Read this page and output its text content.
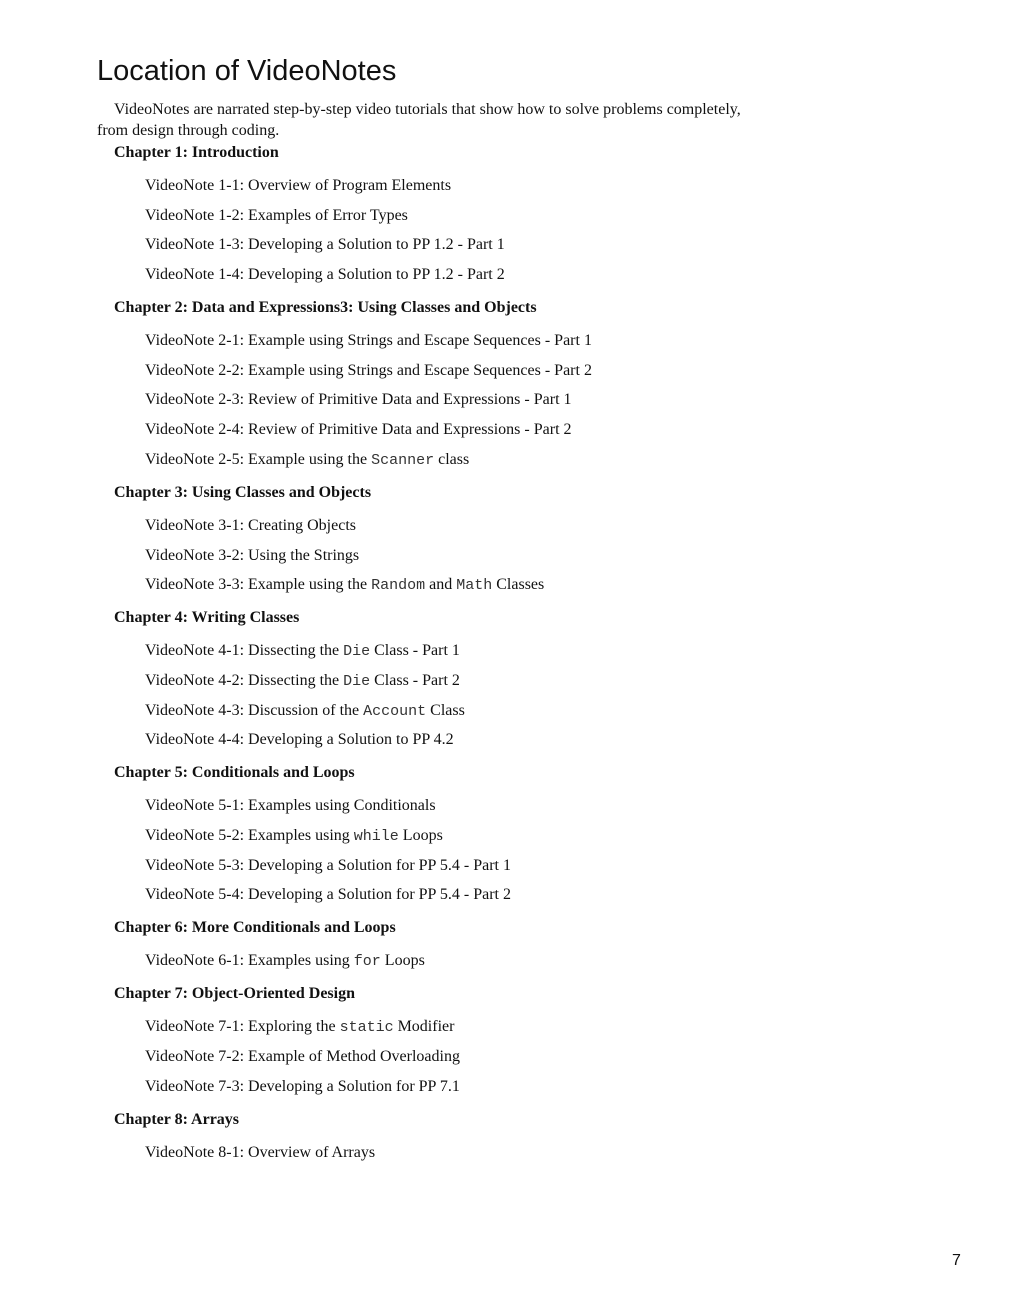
Location of VideoNotes

VideoNotes are narrated step-by-step video tutorials that show how to solve problems completely, from design through coding.

Chapter 1: Introduction
VideoNote 1-1: Overview of Program Elements
VideoNote 1-2: Examples of Error Types
VideoNote 1-3: Developing a Solution to PP 1.2 - Part 1
VideoNote 1-4: Developing a Solution to PP 1.2 - Part 2
Chapter 2: Data and Expressions3: Using Classes and Objects
VideoNote 2-1: Example using Strings and Escape Sequences - Part 1
VideoNote 2-2: Example using Strings and Escape Sequences - Part 2
VideoNote 2-3: Review of Primitive Data and Expressions - Part 1
VideoNote 2-4: Review of Primitive Data and Expressions - Part 2
VideoNote 2-5: Example using the Scanner class
Chapter 3: Using Classes and Objects
VideoNote 3-1: Creating Objects
VideoNote 3-2: Using the Strings
VideoNote 3-3: Example using the Random and Math Classes
Chapter 4: Writing Classes
VideoNote 4-1: Dissecting the Die Class - Part 1
VideoNote 4-2: Dissecting the Die Class - Part 2
VideoNote 4-3: Discussion of the Account Class
VideoNote 4-4: Developing a Solution to PP 4.2
Chapter 5: Conditionals and Loops
VideoNote 5-1: Examples using Conditionals
VideoNote 5-2: Examples using while Loops
VideoNote 5-3: Developing a Solution for PP 5.4 - Part 1
VideoNote 5-4: Developing a Solution for PP 5.4 - Part 2
Chapter 6: More Conditionals and Loops
VideoNote 6-1: Examples using for Loops
Chapter 7: Object-Oriented Design
VideoNote 7-1: Exploring the static Modifier
VideoNote 7-2: Example of Method Overloading
VideoNote 7-3: Developing a Solution for PP 7.1
Chapter 8: Arrays
VideoNote 8-1: Overview of Arrays
7
